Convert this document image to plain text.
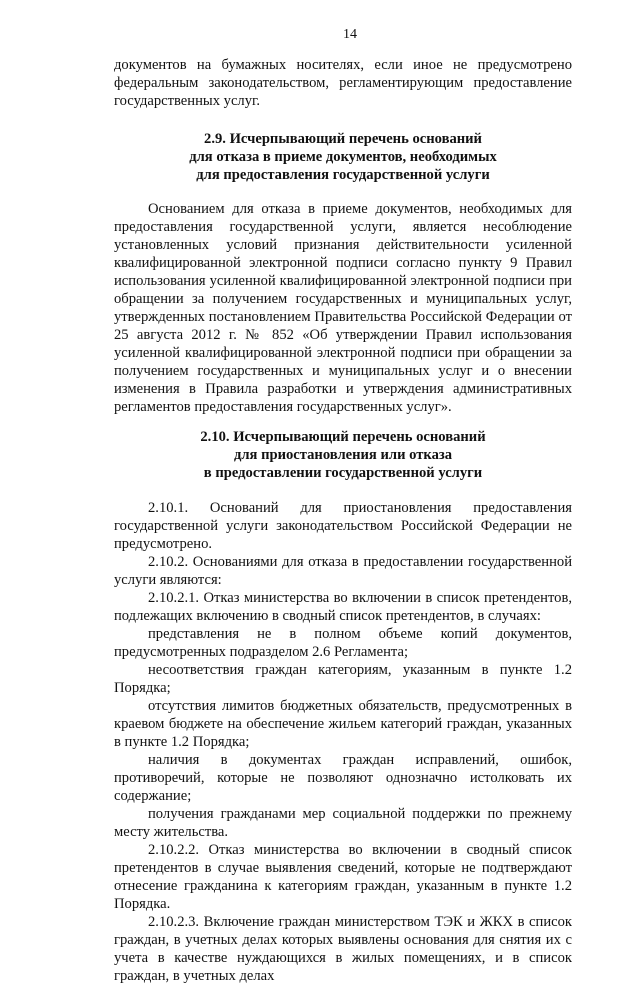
14

документов на бумажных носителях, если иное не предусмотрено федеральным законодательством, регламентирующим предоставление государственных услуг.

2.9. Исчерпывающий перечень оснований
для отказа в приеме документов, необходимых
для предоставления государственной услуги

Основанием для отказа в приеме документов, необходимых для предоставления государственной услуги, является несоблюдение установленных условий признания действительности усиленной квалифицированной электронной подписи согласно пункту 9 Правил использования усиленной квалифицированной электронной подписи при обращении за получением государственных и муниципальных услуг, утвержденных постановлением Правительства Российской Федерации от 25 августа 2012 г. № 852 «Об утверждении Правил использования усиленной квалифицированной электронной подписи при обращении за получением государственных и муниципальных услуг и о внесении изменения в Правила разработки и утверждения административных регламентов предоставления государственных услуг».

2.10. Исчерпывающий перечень оснований
для приостановления или отказа
в предоставлении государственной услуги

2.10.1. Оснований для приостановления предоставления государственной услуги законодательством Российской Федерации не предусмотрено.

2.10.2. Основаниями для отказа в предоставлении государственной услуги являются:

2.10.2.1. Отказ министерства во включении в список претендентов, подлежащих включению в сводный список претендентов, в случаях:

представления не в полном объеме копий документов, предусмотренных подразделом 2.6 Регламента;

несоответствия граждан категориям, указанным в пункте 1.2 Порядка;

отсутствия лимитов бюджетных обязательств, предусмотренных в краевом бюджете на обеспечение жильем категорий граждан, указанных в пункте 1.2 Порядка;

наличия в документах граждан исправлений, ошибок, противоречий, которые не позволяют однозначно истолковать их содержание;

получения гражданами мер социальной поддержки по прежнему месту жительства.

2.10.2.2. Отказ министерства во включении в сводный список претендентов в случае выявления сведений, которые не подтверждают отнесение гражданина к категориям граждан, указанным в пункте 1.2 Порядка.

2.10.2.3. Включение граждан министерством ТЭК и ЖКХ в список граждан, в учетных делах которых выявлены основания для снятия их с учета в качестве нуждающихся в жилых помещениях, и в список граждан, в учетных делах
